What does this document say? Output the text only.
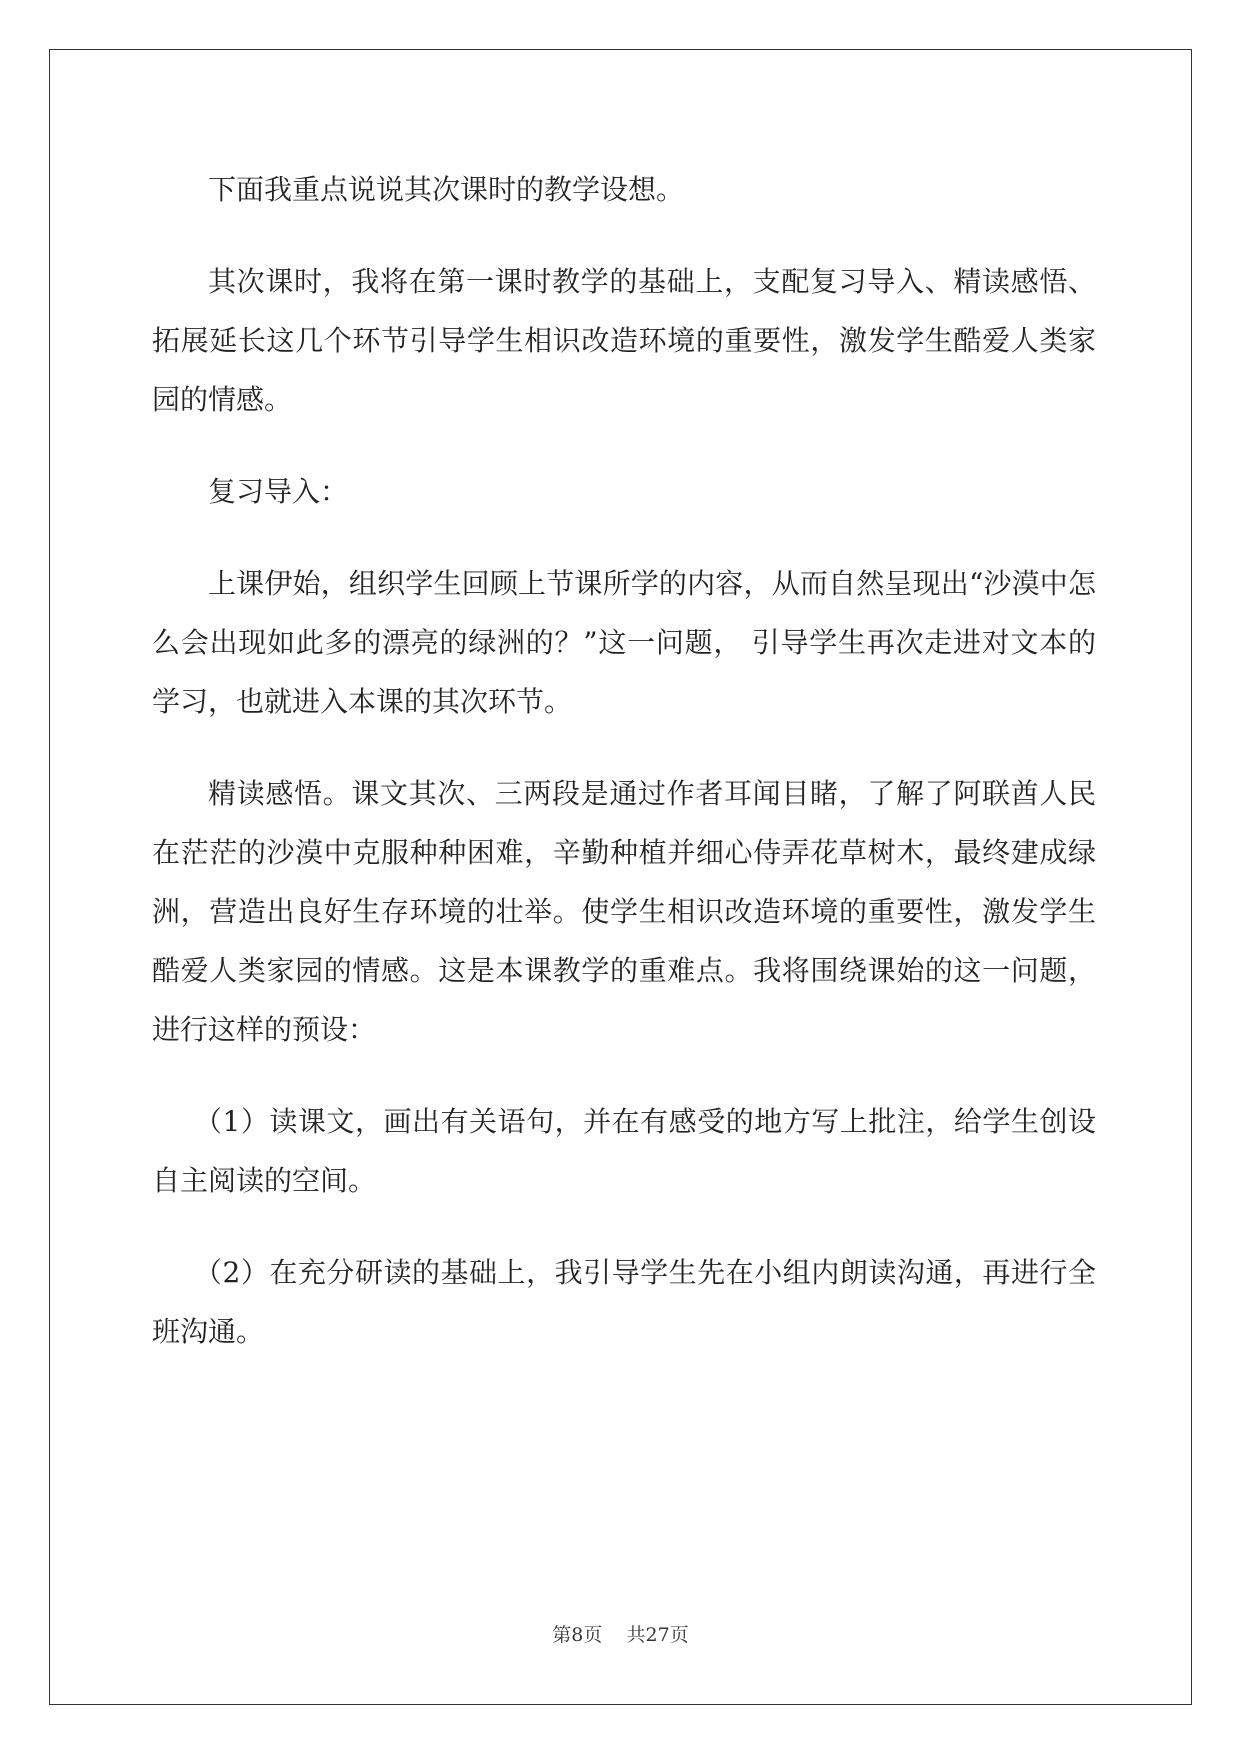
下面我重点说说其次课时的教学设想。

其次课时，我将在第一课时教学的基础上，支配复习导入、精读感悟、拓展延长这几个环节引导学生相识改造环境的重要性，激发学生酷爱人类家园的情感。

复习导入：

上课伊始，组织学生回顾上节课所学的内容，从而自然呈现出“沙漠中怎么会出现如此多的漂亮的绿洲的？”这一问题， 引导学生再次走进对文本的学习，也就进入本课的其次环节。

精读感悟。课文其次、三两段是通过作者耳闻目睹，了解了阿联酋人民在茫茫的沙漠中克服种种困难，辛勤种植并细心侍弄花草树木，最终建成绿洲，营造出良好生存环境的壮举。使学生相识改造环境的重要性，激发学生酷爱人类家园的情感。这是本课教学的重难点。我将围绕课始的这一问题，进行这样的预设：

（1）读课文，画出有关语句，并在有感受的地方写上批注，给学生创设自主阅读的空间。

（2）在充分研读的基础上，我引导学生先在小组内朗读沟通，再进行全班沟通。

第8页 共27页
